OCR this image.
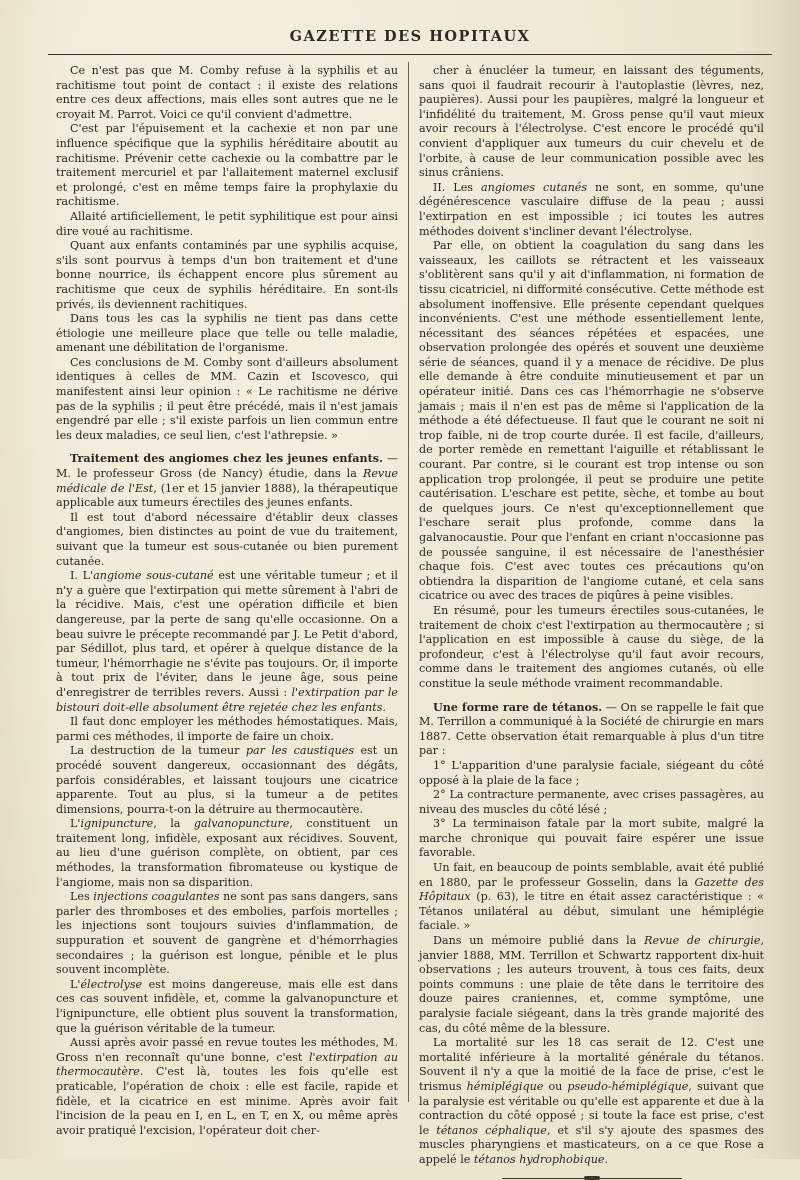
GAZETTE DES HOPITAUX

Ce n'est pas que M. Comby refuse à la syphilis et au rachitisme tout point de contact : il existe des relations entre ces deux affections, mais elles sont autres que ne le croyait M. Parrot. Voici ce qu'il convient d'admettre.

C'est par l'épuisement et la cachexie et non par une influence spécifique que la syphilis héréditaire aboutit au rachitisme. Prévenir cette cachexie ou la combattre par le traitement mercuriel et par l'allaitement maternel exclusif et prolongé, c'est en même temps faire la prophylaxie du rachitisme.

Allaité artificiellement, le petit syphilitique est pour ainsi dire voué au rachitisme.

Quant aux enfants contaminés par une syphilis acquise, s'ils sont pourvus à temps d'un bon traitement et d'une bonne nourrice, ils échappent encore plus sûrement au rachitisme que ceux de syphilis héréditaire. En sont-ils privés, ils deviennent rachitiques.

Dans tous les cas la syphilis ne tient pas dans cette étiologie une meilleure place que telle ou telle maladie, amenant une débilitation de l'organisme.

Ces conclusions de M. Comby sont d'ailleurs absolument identiques à celles de MM. Cazin et Iscovesco, qui manifestent ainsi leur opinion : « Le rachitisme ne dérive pas de la syphilis ; il peut être précédé, mais il n'est jamais engendré par elle ; s'il existe parfois un lien commun entre les deux maladies, ce seul lien, c'est l'athrepsie. »

Traitement des angiomes chez les jeunes enfants. — M. le professeur Gross (de Nancy) étudie, dans la Revue médicale de l'Est, (1er et 15 janvier 1888), la thérapeutique applicable aux tumeurs érectiles des jeunes enfants.

Il est tout d'abord nécessaire d'établir deux classes d'angiomes, bien distinctes au point de vue du traitement, suivant que la tumeur est sous-cutanée ou bien purement cutanée.

I. L'angiome sous-cutané est une véritable tumeur ; et il n'y a guère que l'extirpation qui mette sûrement à l'abri de la récidive. Mais, c'est une opération difficile et bien dangereuse, par la perte de sang qu'elle occasionne. On a beau suivre le précepte recommandé par J. Le Petit d'abord, par Sédillot, plus tard, et opérer à quelque distance de la tumeur, l'hémorrhagie ne s'évite pas toujours. Or, il importe à tout prix de l'éviter, dans le jeune âge, sous peine d'enregistrer de terribles revers. Aussi : l'extirpation par le bistouri doit-elle absolument être rejetée chez les enfants.

Il faut donc employer les méthodes hémostatiques. Mais, parmi ces méthodes, il importe de faire un choix.

La destruction de la tumeur par les caustiques est un procédé souvent dangereux, occasionnant des dégâts, parfois considérables, et laissant toujours une cicatrice apparente. Tout au plus, si la tumeur a de petites dimensions, pourra-t-on la détruire au thermocautère.

L'ignipuncture, la galvanopuncture, constituent un traitement long, infidèle, exposant aux récidives. Souvent, au lieu d'une guérison complète, on obtient, par ces méthodes, la transformation fibromateuse ou kystique de l'angiome, mais non sa disparition.

Les injections coagulantes ne sont pas sans dangers, sans parler des thromboses et des embolies, parfois mortelles ; les injections sont toujours suivies d'inflammation, de suppuration et souvent de gangrène et d'hémorrhagies secondaires ; la guérison est longue, pénible et le plus souvent incomplète.

L'électrolyse est moins dangereuse, mais elle est dans ces cas souvent infidèle, et, comme la galvanopuncture et l'ignipuncture, elle obtient plus souvent la transformation, que la guérison véritable de la tumeur.

Aussi après avoir passé en revue toutes les méthodes, M. Gross n'en reconnaît qu'une bonne, c'est l'extirpation au thermocautère. C'est là, toutes les fois qu'elle est praticable, l'opération de choix : elle est facile, rapide et fidèle, et la cicatrice en est minime. Après avoir fait l'incision de la peau en I, en L, en T, en X, ou même après avoir pratiqué l'excision, l'opérateur doit cher-

cher à énucléer la tumeur, en laissant des téguments, sans quoi il faudrait recourir à l'autoplastie (lèvres, nez, paupières). Aussi pour les paupières, malgré la longueur et l'infidélité du traitement, M. Gross pense qu'il vaut mieux avoir recours à l'électrolyse. C'est encore le procédé qu'il convient d'appliquer aux tumeurs du cuir chevelu et de l'orbite, à cause de leur communication possible avec les sinus crâniens.

II. Les angiomes cutanés ne sont, en somme, qu'une dégénérescence vasculaire diffuse de la peau ; aussi l'extirpation en est impossible ; ici toutes les autres méthodes doivent s'incliner devant l'électrolyse.

Par elle, on obtient la coagulation du sang dans les vaisseaux, les caillots se rétractent et les vaisseaux s'oblitèrent sans qu'il y ait d'inflammation, ni formation de tissu cicatriciel, ni difformité consécutive. Cette méthode est absolument inoffensive. Elle présente cependant quelques inconvénients. C'est une méthode essentiellement lente, nécessitant des séances répétées et espacées, une observation prolongée des opérés et souvent une deuxième série de séances, quand il y a menace de récidive. De plus elle demande à être conduite minutieusement et par un opérateur initié. Dans ces cas l'hémorrhagie ne s'observe jamais ; mais il n'en est pas de même si l'application de la méthode a été défectueuse. Il faut que le courant ne soit ni trop faible, ni de trop courte durée. Il est facile, d'ailleurs, de porter remède en remettant l'aiguille et rétablissant le courant. Par contre, si le courant est trop intense ou son application trop prolongée, il peut se produire une petite cautérisation. L'eschare est petite, sèche, et tombe au bout de quelques jours. Ce n'est qu'exceptionnellement que l'eschare serait plus profonde, comme dans la galvanocaustie. Pour que l'enfant en criant n'occasionne pas de poussée sanguine, il est nécessaire de l'anesthésier chaque fois. C'est avec toutes ces précautions qu'on obtiendra la disparition de l'angiome cutané, et cela sans cicatrice ou avec des traces de piqûres à peine visibles.

En résumé, pour les tumeurs érectiles sous-cutanées, le traitement de choix c'est l'extirpation au thermocautère ; si l'application en est impossible à cause du siège, de la profondeur, c'est à l'électrolyse qu'il faut avoir recours, comme dans le traitement des angiomes cutanés, où elle constitue la seule méthode vraiment recommandable.

Une forme rare de tétanos. — On se rappelle le fait que M. Terrillon a communiqué à la Société de chirurgie en mars 1887. Cette observation était remarquable à plus d'un titre par :

1° L'apparition d'une paralysie faciale, siégeant du côté opposé à la plaie de la face ;

2° La contracture permanente, avec crises passagères, au niveau des muscles du côté lésé ;

3° La terminaison fatale par la mort subite, malgré la marche chronique qui pouvait faire espérer une issue favorable.

Un fait, en beaucoup de points semblable, avait été publié en 1880, par le professeur Gosselin, dans la Gazette des Hôpitaux (p. 63), le titre en était assez caractéristique : « Tétanos unilatéral au début, simulant une hémiplégie faciale. »

Dans un mémoire publié dans la Revue de chirurgie, janvier 1888, MM. Terrillon et Schwartz rapportent dix-huit observations ; les auteurs trouvent, à tous ces faits, deux points communs : une plaie de tête dans le territoire des douze paires craniennes, et, comme symptôme, une paralysie faciale siégeant, dans la très grande majorité des cas, du côté même de la blessure.

La mortalité sur les 18 cas serait de 12. C'est une mortalité inférieure à la mortalité générale du tétanos. Souvent il n'y a que la moitié de la face de prise, c'est le trismus hémiplégique ou pseudo-hémiplégique, suivant que la paralysie est véritable ou qu'elle est apparente et due à la contraction du côté opposé ; si toute la face est prise, c'est le tétanos céphalique, et s'il s'y ajoute des spasmes des muscles pharyngiens et masticateurs, on a ce que Rose a appelé le tétanos hydrophobique.
